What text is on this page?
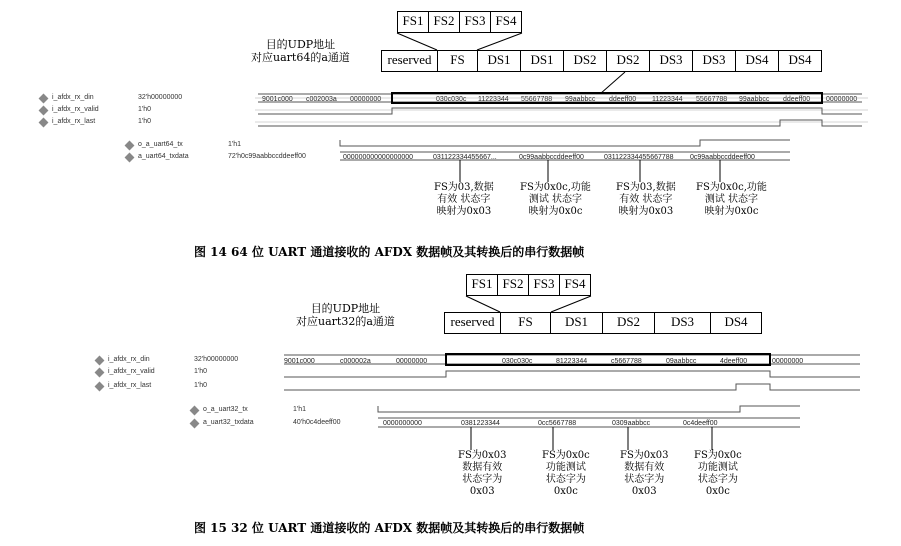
FS1 FS2 FS3 FS4
reserved	FS	DS1	DS1	DS2	DS2	DS3	DS3	DS4	DS4
目的UDP地址
对应uart64的a通道
i_afdx_rx_din	32'h00000000
i_afdx_rx_valid	1'h0
i_afdx_rx_last	1'h0
o_a_uart64_tx	1'h1
a_uart64_txdata	72'h0c99aabbccddeeff00
9001c000 c002003a 00000000	030c030c 11223344 55667788 99aabbcc ddeeff00 11223344 55667788 99aabbcc ddeeff00 00000000
000000000000000000	031122334455667...	0c99aabbccddeeff00	031122334455667788 0c99aabbccddeeff00
FS为03,数据
有效 状态字
映射为0x03
FS为0x0c,功能
测试 状态字
映射为0x0c
FS为03,数据
有效 状态字
映射为0x03
FS为0x0c,功能
测试 状态字
映射为0x0c
图 14 64 位 UART 通道接收的 AFDX 数据帧及其转换后的串行数据帧
FS1 FS2 FS3 FS4
reserved	FS	DS1	DS2	DS3	DS4
目的UDP地址
对应uart32的a通道
i_afdx_rx_din	32'h00000000
i_afdx_rx_valid	1'h0
i_afdx_rx_last	1'h0
o_a_uart32_tx	1'h1
a_uart32_txdata	40'h0c4deeff00
9001c000	c000002a	00000000	030c030c	81223344	c5667788	09aabbcc	4deeff00	00000000
0000000000	0381223344	0cc5667788	0309aabbcc	0c4deeff00
FS为0x03
数据有效
状态字为
0x03
FS为0x0c
功能测试
状态字为
0x0c
FS为0x03
数据有效
状态字为
0x03
FS为0x0c
功能测试
状态字为
0x0c
图 15 32 位 UART 通道接收的 AFDX 数据帧及其转换后的串行数据帧
